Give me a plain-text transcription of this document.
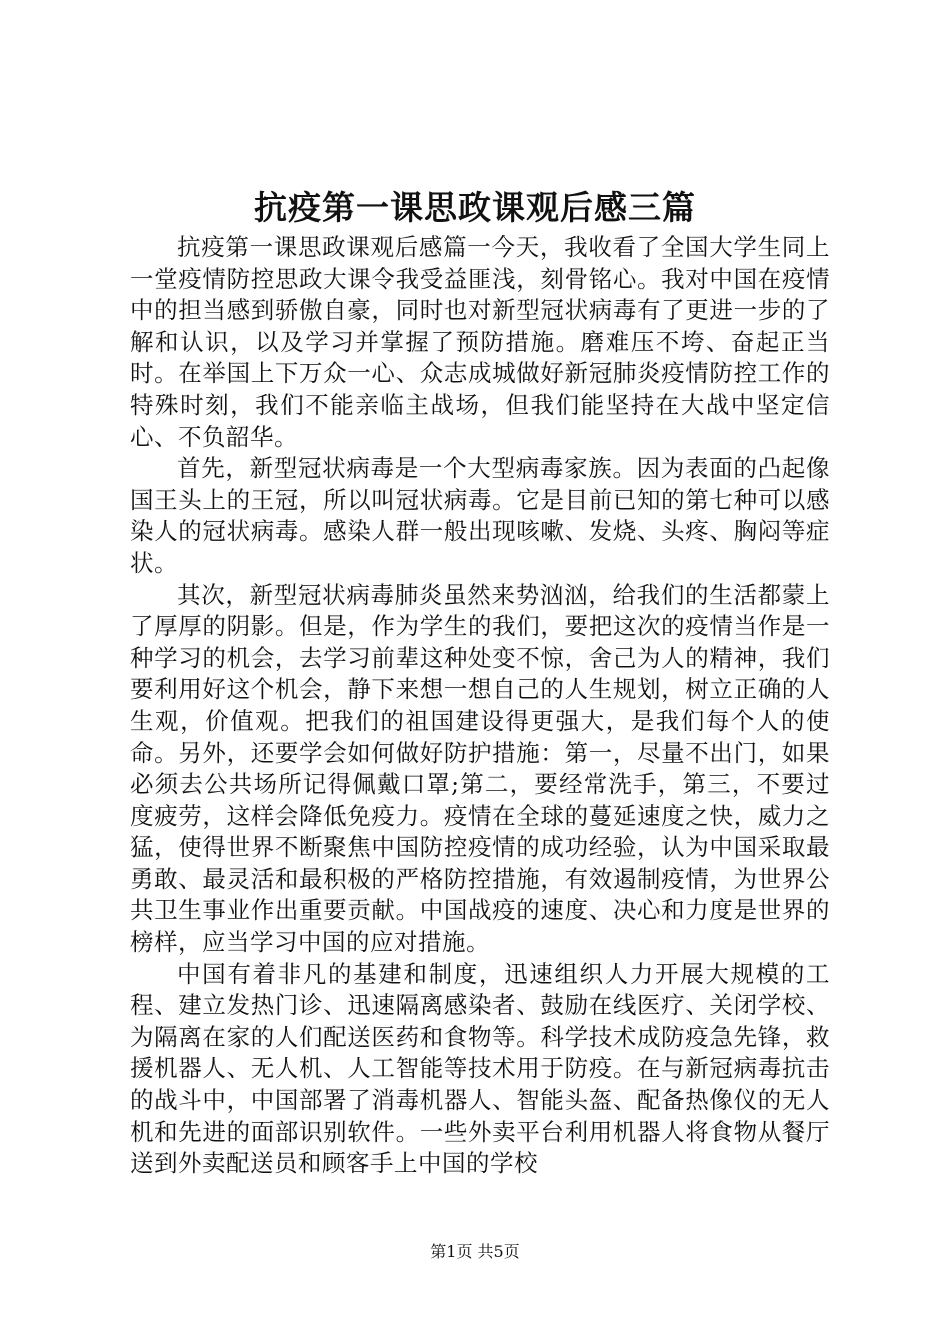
抗疫第一课思政课观后感三篇

抗疫第一课思政课观后感篇一今天，我收看了全国大学生同上一堂疫情防控思政大课令我受益匪浅，刻骨铭心。我对中国在疫情中的担当感到骄傲自豪，同时也对新型冠状病毒有了更进一步的了解和认识，以及学习并掌握了预防措施。磨难压不垮、奋起正当时。在举国上下万众一心、众志成城做好新冠肺炎疫情防控工作的特殊时刻，我们不能亲临主战场，但我们能坚持在大战中坚定信心、不负韶华。

首先，新型冠状病毒是一个大型病毒家族。因为表面的凸起像国王头上的王冠，所以叫冠状病毒。它是目前已知的第七种可以感染人的冠状病毒。感染人群一般出现咳嗽、发烧、头疼、胸闷等症状。

其次，新型冠状病毒肺炎虽然来势汹汹，给我们的生活都蒙上了厚厚的阴影。但是，作为学生的我们，要把这次的疫情当作是一种学习的机会，去学习前辈这种处变不惊，舍己为人的精神，我们要利用好这个机会，静下来想一想自己的人生规划，树立正确的人生观，价值观。把我们的祖国建设得更强大，是我们每个人的使命。另外，还要学会如何做好防护措施：第一，尽量不出门，如果必须去公共场所记得佩戴口罩;第二，要经常洗手，第三，不要过度疲劳，这样会降低免疫力。疫情在全球的蔓延速度之快，威力之猛，使得世界不断聚焦中国防控疫情的成功经验，认为中国采取最勇敢、最灵活和最积极的严格防控措施，有效遏制疫情，为世界公共卫生事业作出重要贡献。中国战疫的速度、决心和力度是世界的榜样，应当学习中国的应对措施。

中国有着非凡的基建和制度，迅速组织人力开展大规模的工程、建立发热门诊、迅速隔离感染者、鼓励在线医疗、关闭学校、为隔离在家的人们配送医药和食物等。科学技术成防疫急先锋，救援机器人、无人机、人工智能等技术用于防疫。在与新冠病毒抗击的战斗中，中国部署了消毒机器人、智能头盔、配备热像仪的无人机和先进的面部识别软件。一些外卖平台利用机器人将食物从餐厅送到外卖配送员和顾客手上中国的学校

第1页 共5页
